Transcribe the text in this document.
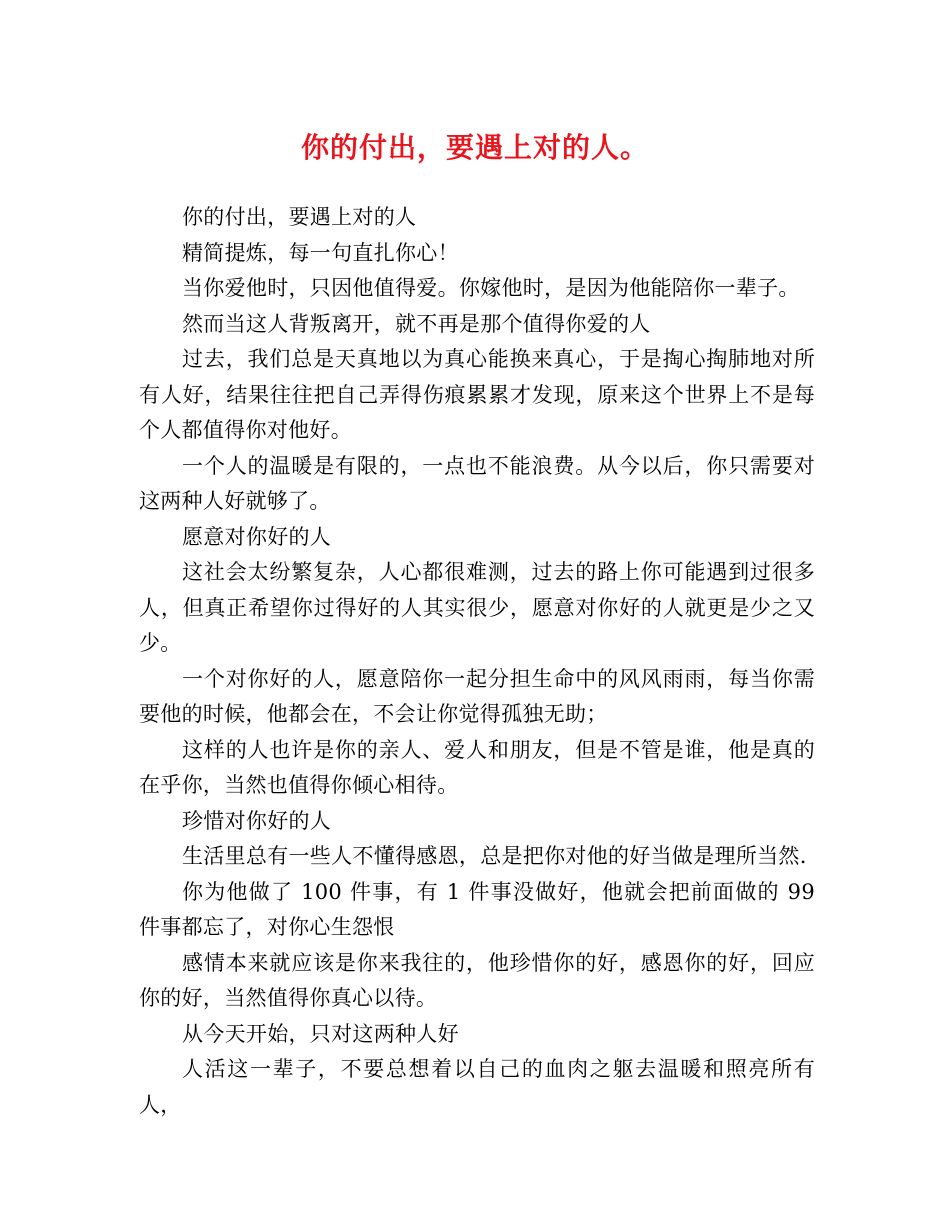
你的付出，要遇上对的人。

你的付出，要遇上对的人

精简提炼，每一句直扎你心！

当你爱他时，只因他值得爱。你嫁他时，是因为他能陪你一辈子。

然而当这人背叛离开，就不再是那个值得你爱的人

过去，我们总是天真地以为真心能换来真心，于是掏心掏肺地对所有人好，结果往往把自己弄得伤痕累累才发现，原来这个世界上不是每个人都值得你对他好。

一个人的温暖是有限的，一点也不能浪费。从今以后，你只需要对这两种人好就够了。

愿意对你好的人

这社会太纷繁复杂，人心都很难测，过去的路上你可能遇到过很多人，但真正希望你过得好的人其实很少，愿意对你好的人就更是少之又少。

一个对你好的人，愿意陪你一起分担生命中的风风雨雨，每当你需要他的时候，他都会在，不会让你觉得孤独无助；

这样的人也许是你的亲人、爱人和朋友，但是不管是谁，他是真的在乎你，当然也值得你倾心相待。

珍惜对你好的人

生活里总有一些人不懂得感恩，总是把你对他的好当做是理所当然.

你为他做了 100 件事，有 1 件事没做好，他就会把前面做的 99 件事都忘了，对你心生怨恨

感情本来就应该是你来我往的，他珍惜你的好，感恩你的好，回应你的好，当然值得你真心以待。

从今天开始，只对这两种人好

人活这一辈子，不要总想着以自己的血肉之躯去温暖和照亮所有人，
